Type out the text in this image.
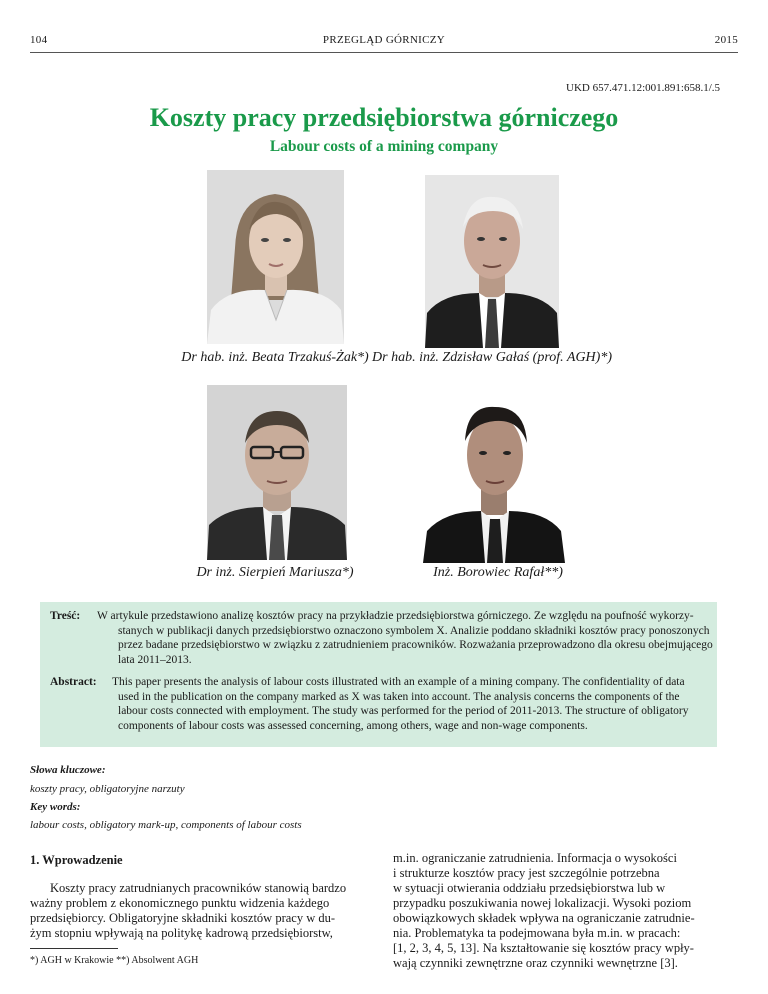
104	PRZEGLĄD GÓRNICZY	2015
UKD 657.471.12:001.891:658.1/.5
Koszty pracy przedsiębiorstwa górniczego
Labour costs of a mining company
Dr hab. inż. Beata Trzakuś-Żak*) Dr hab. inż. Zdzisław Gałaś (prof. AGH)*)
Dr inż. Sierpień Mariusza*)	Inż. Borowiec Rafał**)
Treść:	W artykule przedstawiono analizę kosztów pracy na przykładzie przedsiębiorstwa górniczego. Ze względu na poufność wykorzy-
stanych w publikacji danych przedsiębiorstwo oznaczono symbolem X. Analizie poddano składniki kosztów pracy ponoszonych
przez badane przedsiębiorstwo w związku z zatrudnieniem pracowników. Rozważania przeprowadzono dla okresu obejmującego
lata 2011–2013.
Abstract:	This paper presents the analysis of labour costs illustrated with an example of a mining company. The confidentiality of data
used in the publication on the company marked as X was taken into account. The analysis concerns the components of the
labour costs connected with employment. The study was performed for the period of 2011-2013. The structure of obligatory
components of labour costs was assessed concerning, among others, wage and non-wage components.
Słowa kluczowe:
koszty pracy, obligatoryjne narzuty
Key words:
labour costs, obligatory mark-up, components of labour costs
1. Wprowadzenie
Koszty pracy zatrudnianych pracowników stanowią bardzo
ważny problem z ekonomicznego punktu widzenia każdego
przedsiębiorcy. Obligatoryjne składniki kosztów pracy w du-
żym stopniu wpływają na politykę kadrową przedsiębiorstw,
*) AGH w Krakowie **) Absolwent AGH
m.in. ograniczanie zatrudnienia. Informacja o wysokości
i strukturze kosztów pracy jest szczególnie potrzebna
w sytuacji otwierania oddziału przedsiębiorstwa lub w
przypadku poszukiwania nowej lokalizacji. Wysoki poziom
obowiązkowych składek wpływa na ograniczanie zatrudnie-
nia. Problematyka ta podejmowana była m.in. w pracach:
[1, 2, 3, 4, 5, 13]. Na kształtowanie się kosztów pracy wpły-
wają czynniki zewnętrzne oraz czynniki wewnętrzne [3].
